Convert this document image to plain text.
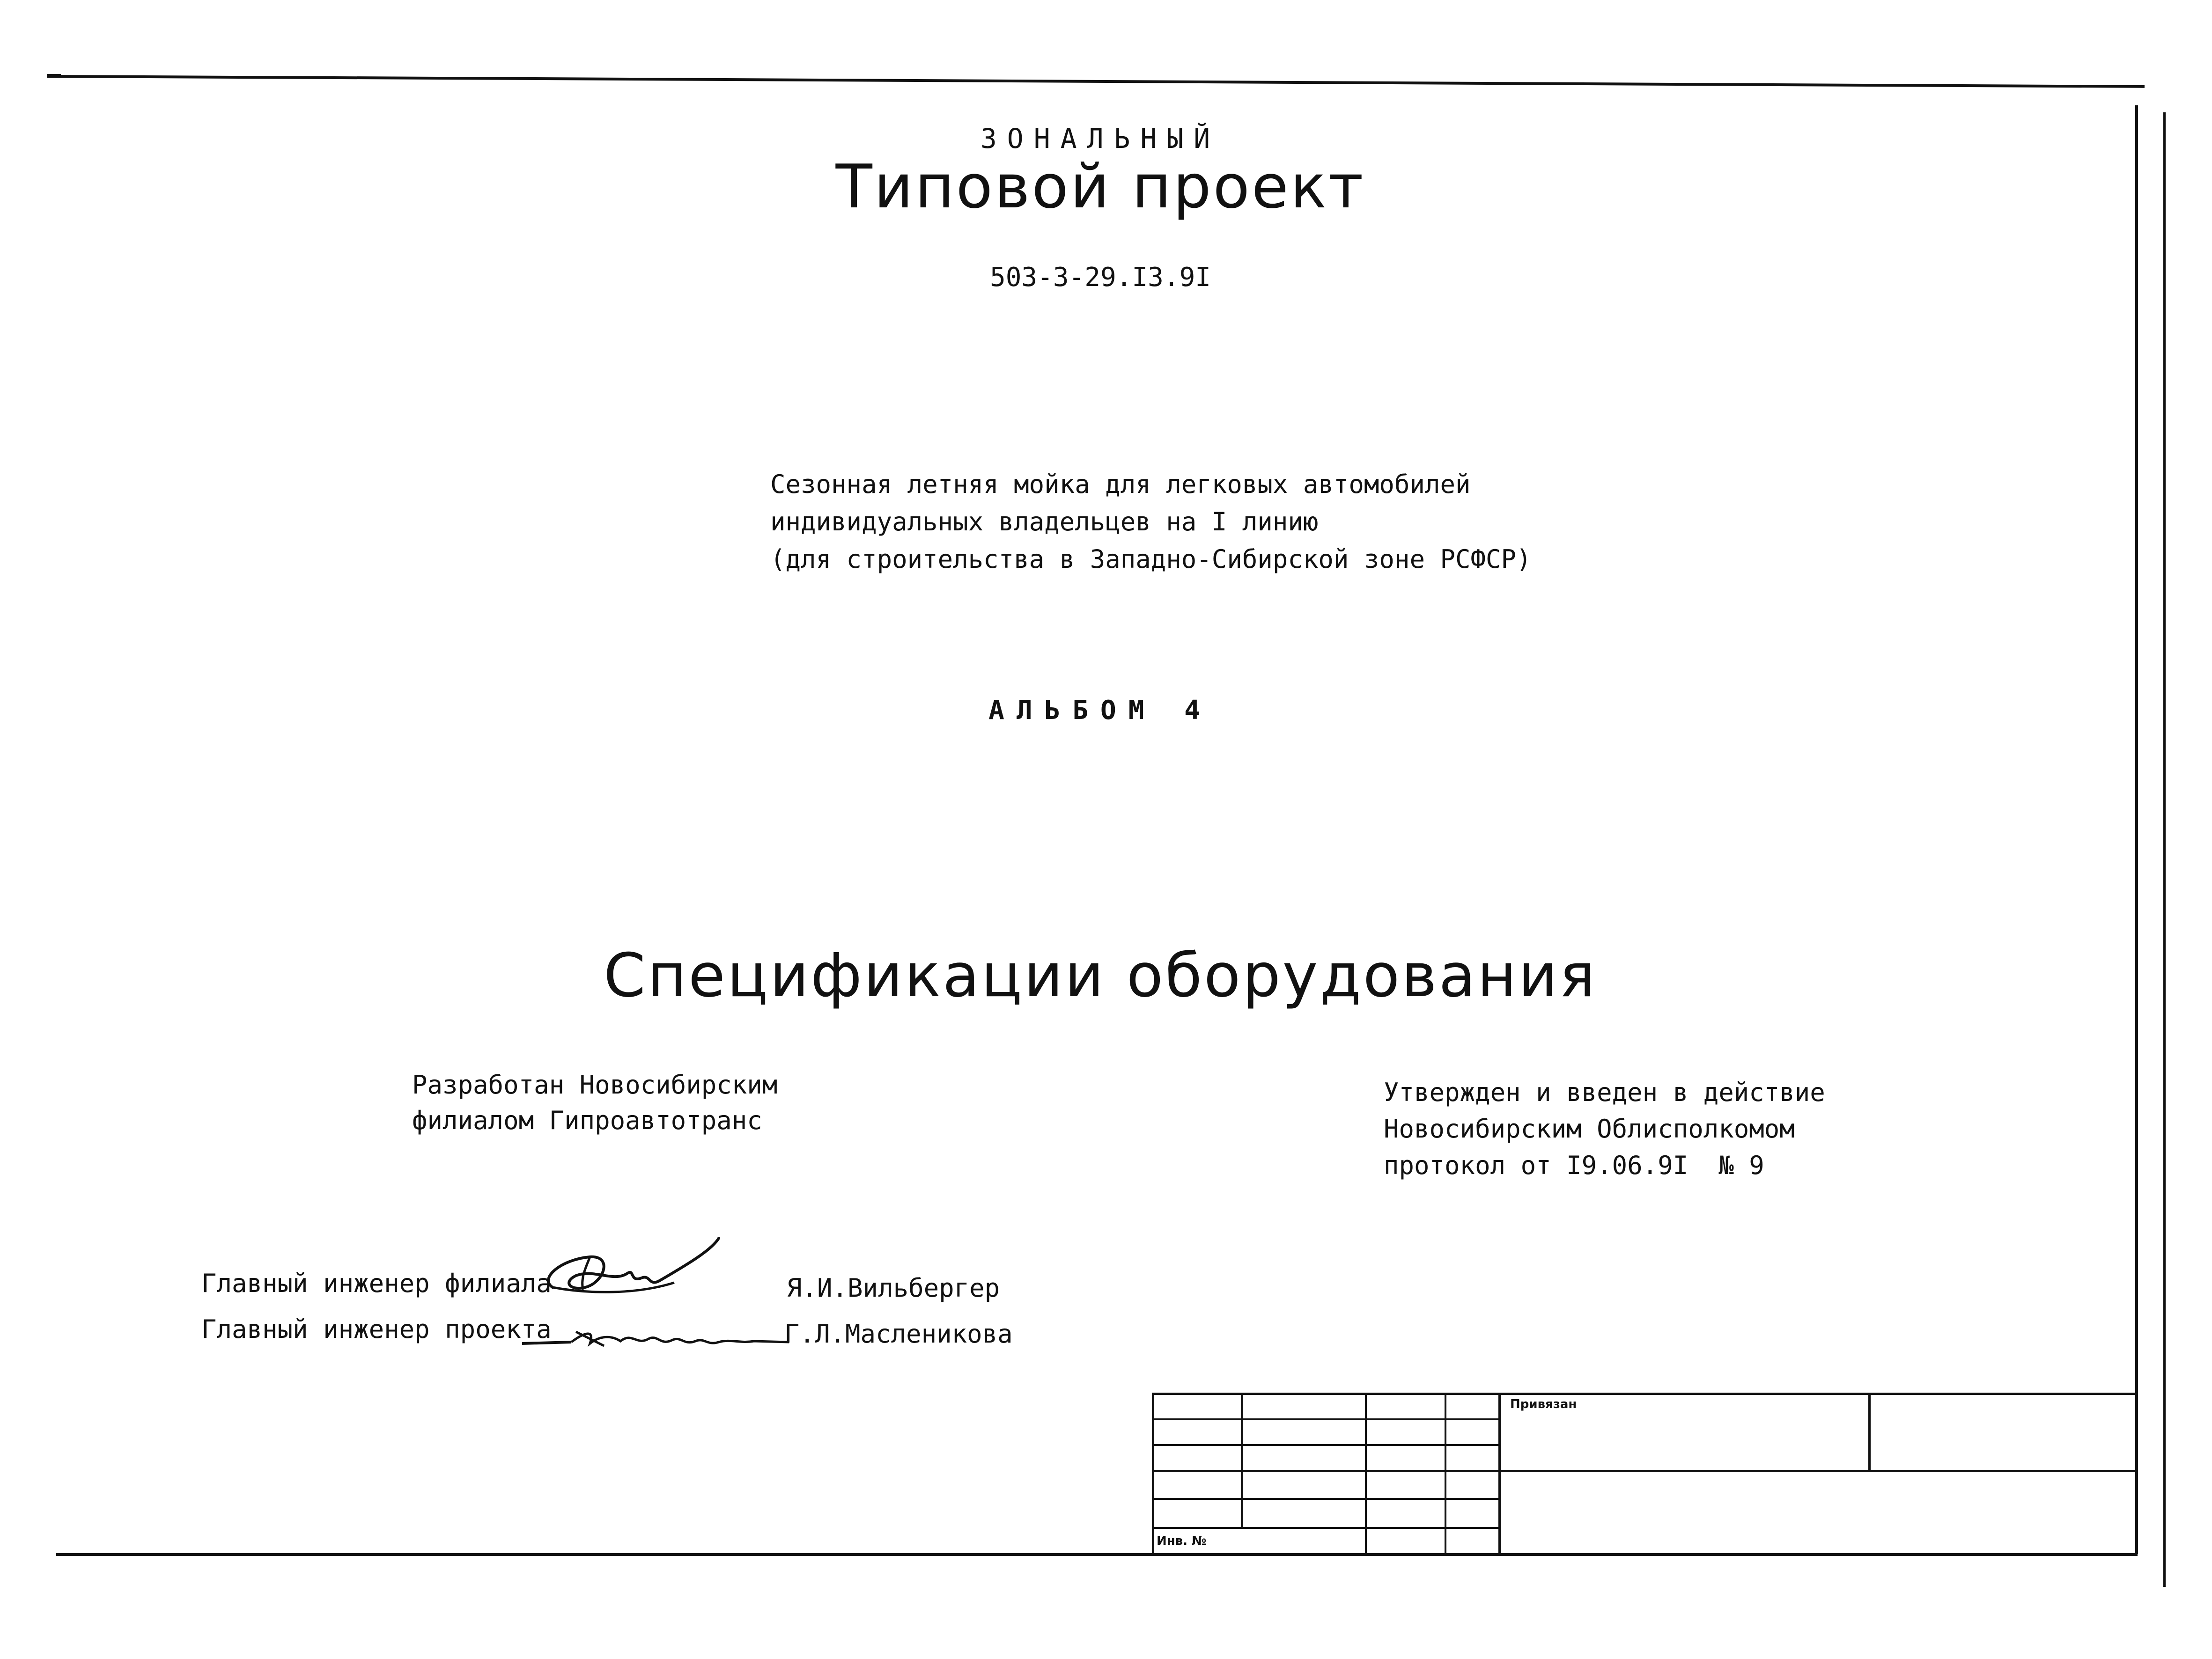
ЗОНАЛЬНЫЙ
Типовой проект
503-3-29.I3.9I
Сезонная летняя мойка для легковых автомобилей
индивидуальных владельцев на I линию
(для строительства в Западно-Сибирской зоне РСФСР)
АЛЬБОМ 4
Спецификации оборудования
Разработан Новосибирским
филиалом Гипроавтотранс
Утвержден и введен в действие
Новосибирским Облисполкомом
протокол от I9.06.9I  № 9
Главный инженер филиала	Я.И.Вильбергер
Главный инженер проекта	Г.Л.Масленикова
Привязан
Инв. №
